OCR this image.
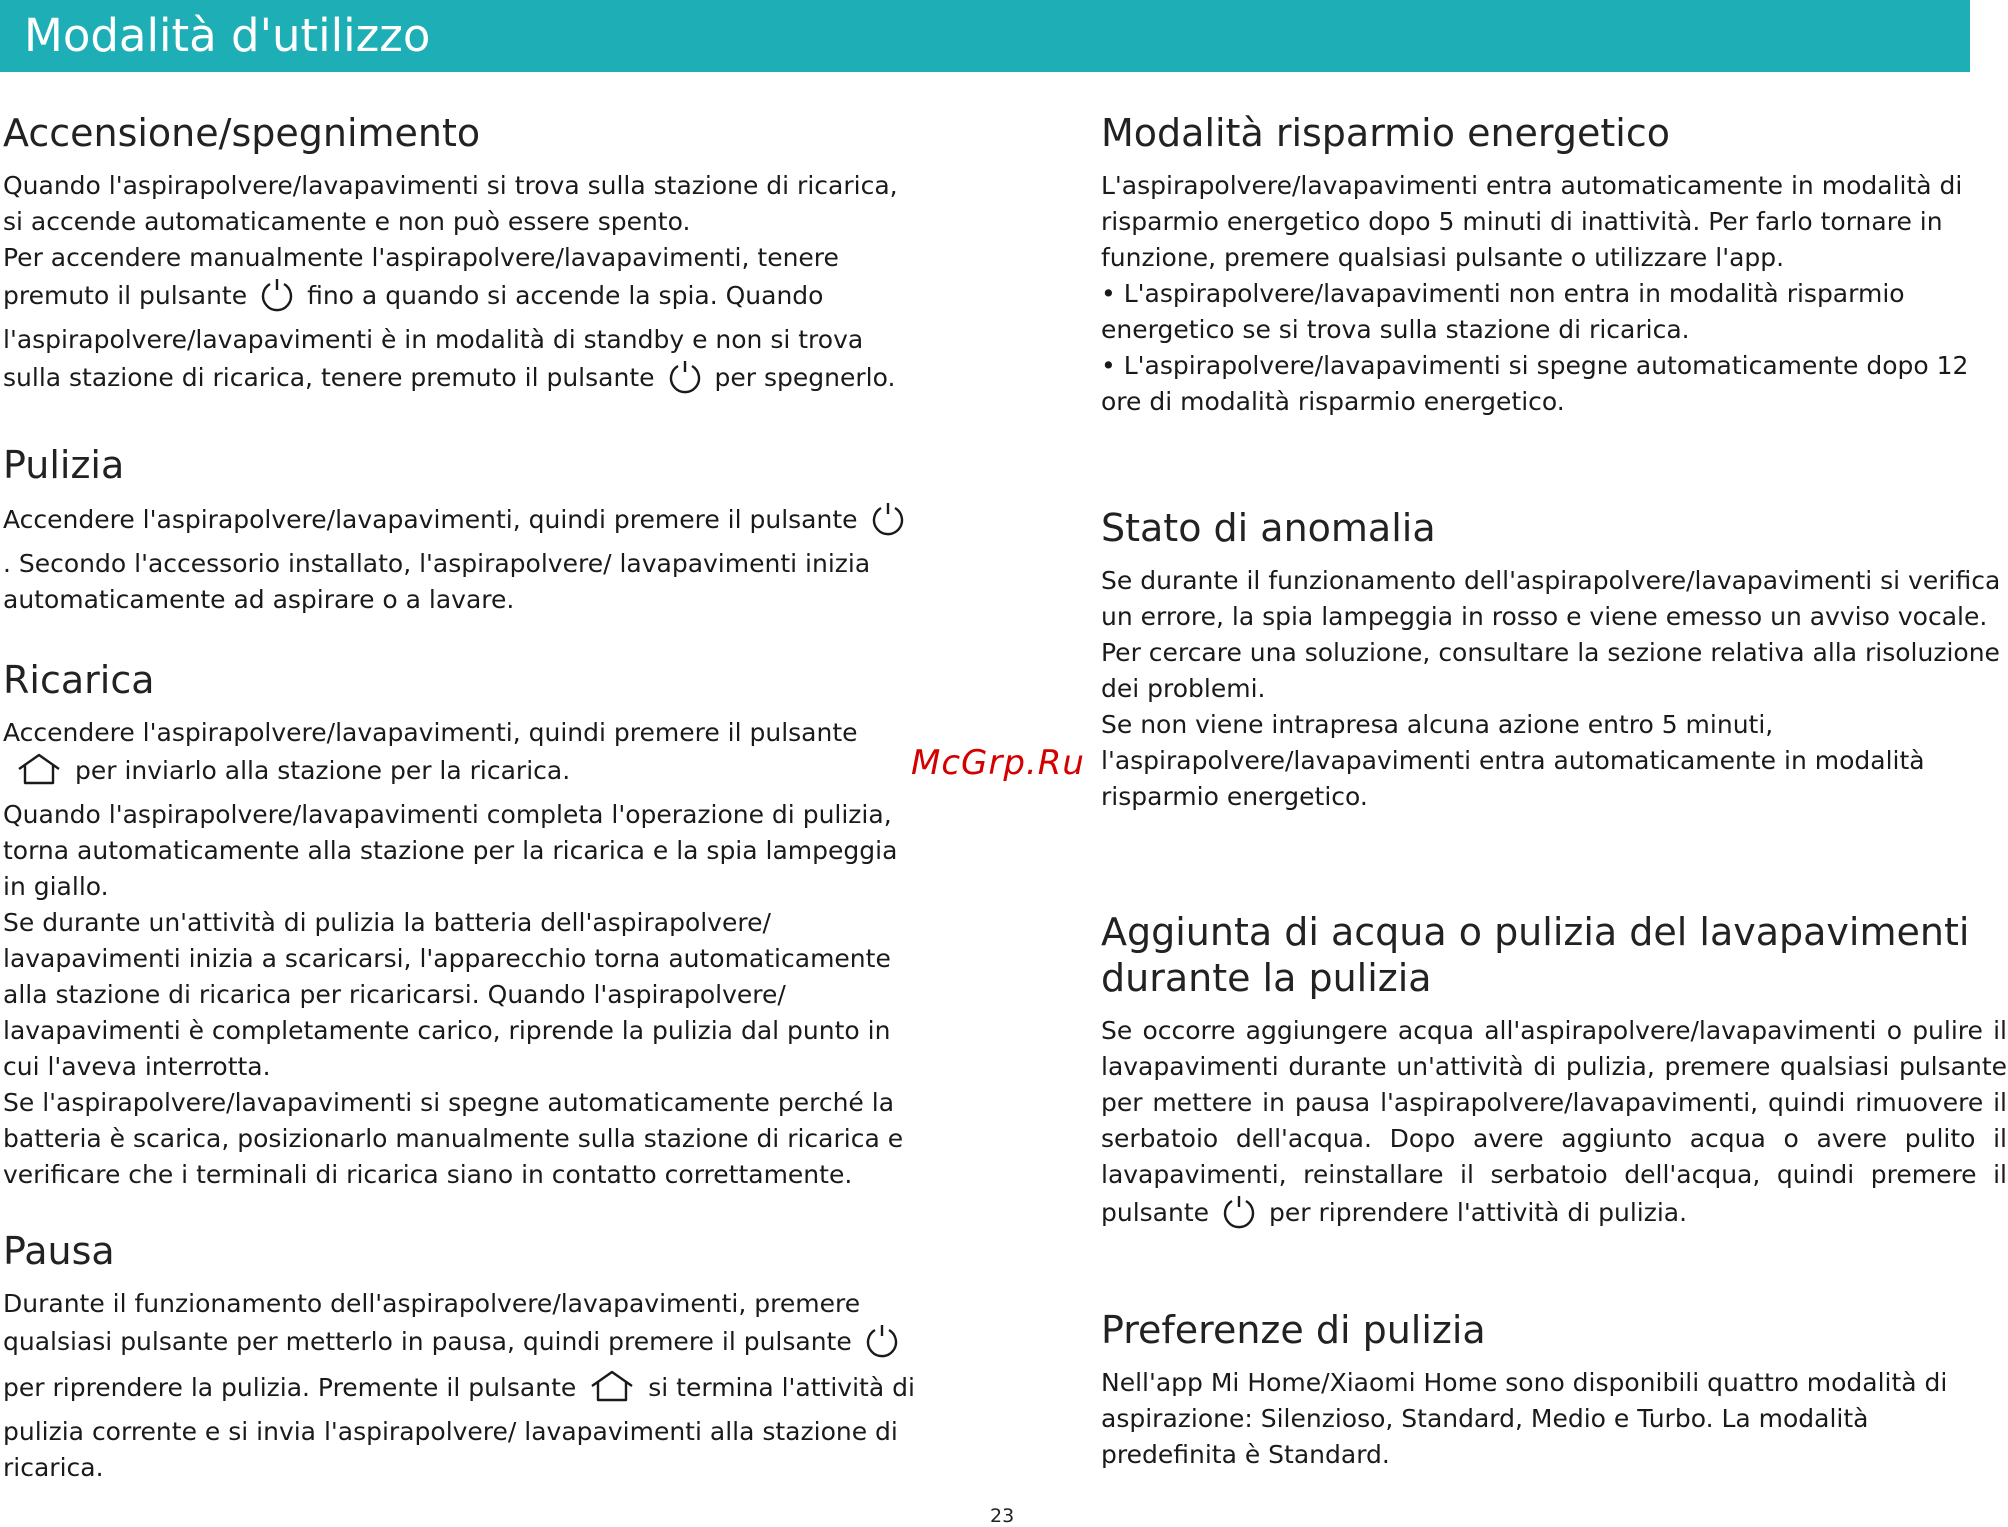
Modalità d'utilizzo
Accensione/spegnimento

Quando l'aspirapolvere/lavapavimenti si trova sulla stazione di ricarica, si accende automaticamente e non può essere spento.

Per accendere manualmente l'aspirapolvere/lavapavimenti, tenere premuto il pulsante fino a quando si accende la spia. Quando l'aspirapolvere/lavapavimenti è in modalità di standby e non si trova sulla stazione di ricarica, tenere premuto il pulsante per spegnerlo.

Pulizia

Accendere l'aspirapolvere/lavapavimenti, quindi premere il pulsante. Secondo l'accessorio installato, l'aspirapolvere/ lavapavimenti inizia automaticamente ad aspirare o a lavare.

Ricarica

Accendere l'aspirapolvere/lavapavimenti, quindi premere il pulsanteper inviarlo alla stazione per la ricarica.

Quando l'aspirapolvere/lavapavimenti completa l'operazione di pulizia, torna automaticamente alla stazione per la ricarica e la spia lampeggia in giallo.

Se durante un'attività di pulizia la batteria dell'aspirapolvere/ lavapavimenti inizia a scaricarsi, l'apparecchio torna automaticamente alla stazione di ricarica per ricaricarsi. Quando l'aspirapolvere/ lavapavimenti è completamente carico, riprende la pulizia dal punto in cui l'aveva interrotta.

Se l'aspirapolvere/lavapavimenti si spegne automaticamente perché la batteria è scarica, posizionarlo manualmente sulla stazione di ricarica e verificare che i terminali di ricarica siano in contatto correttamente.

Pausa

Durante il funzionamento dell'aspirapolvere/lavapavimenti, premere qualsiasi pulsante per metterlo in pausa, quindi premere il pulsanteper riprendere la pulizia. Premente il pulsante	si termina l'attività di pulizia corrente e si invia l'aspirapolvere/ lavapavimenti alla stazione di ricarica.

Modalità risparmio energetico

L'aspirapolvere/lavapavimenti entra automaticamente in modalità di risparmio energetico dopo 5 minuti di inattività. Per farlo tornare in funzione, premere qualsiasi pulsante o utilizzare l'app.

• L'aspirapolvere/lavapavimenti non entra in modalità risparmio energetico se si trova sulla stazione di ricarica.

• L'aspirapolvere/lavapavimenti si spegne automaticamente dopo 12 ore di modalità risparmio energetico.

Stato di anomalia

Se durante il funzionamento dell'aspirapolvere/lavapavimenti si verifica un errore, la spia lampeggia in rosso e viene emesso un avviso vocale. Per cercare una soluzione, consultare la sezione relativa alla risoluzione dei problemi.

Se non viene intrapresa alcuna azione entro 5 minuti, l'aspirapolvere/lavapavimenti entra automaticamente in modalità risparmio energetico.

Aggiunta di acqua o pulizia del lavapavimenti
durante la pulizia

Se occorre aggiungere acqua all'aspirapolvere/lavapavimenti o pulire il lavapavimenti durante un'attività di pulizia, premere qualsiasi pulsante per mettere in pausa l'aspirapolvere/lavapavimenti, quindi rimuovere il serbatoio dell'acqua. Dopo avere aggiunto acqua o avere pulito il lavapavimenti, reinstallare il serbatoio dell'acqua, quindi premere il pulsante per riprendere l'attività di pulizia.

Preferenze di pulizia

Nell'app Mi Home/Xiaomi Home sono disponibili quattro modalità di aspirazione: Silenzioso, Standard, Medio e Turbo. La modalità predefinita è Standard.

McGrp.Ru
23
